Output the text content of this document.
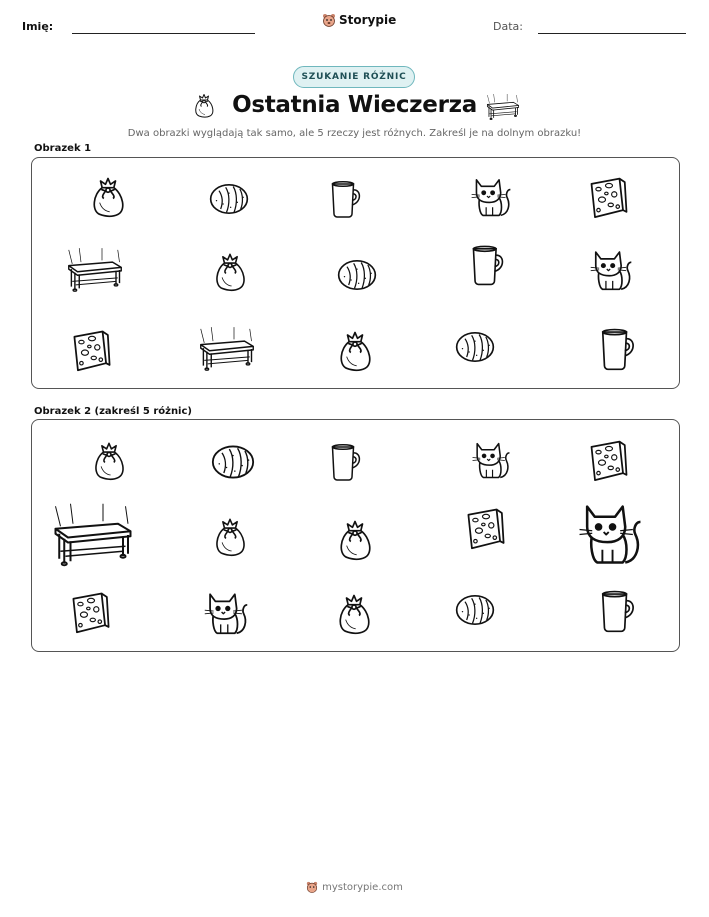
Imię:	Storypie	Data:
SZUKANIE RÓŻNIC
Ostatnia Wieczerza
Dwa obrazki wyglądają tak samo, ale 5 rzeczy jest różnych. Zakreśl je na dolnym obrazku!
Obrazek 1
Obrazek 2 (zakreśl 5 różnic)
mystorypie.com
